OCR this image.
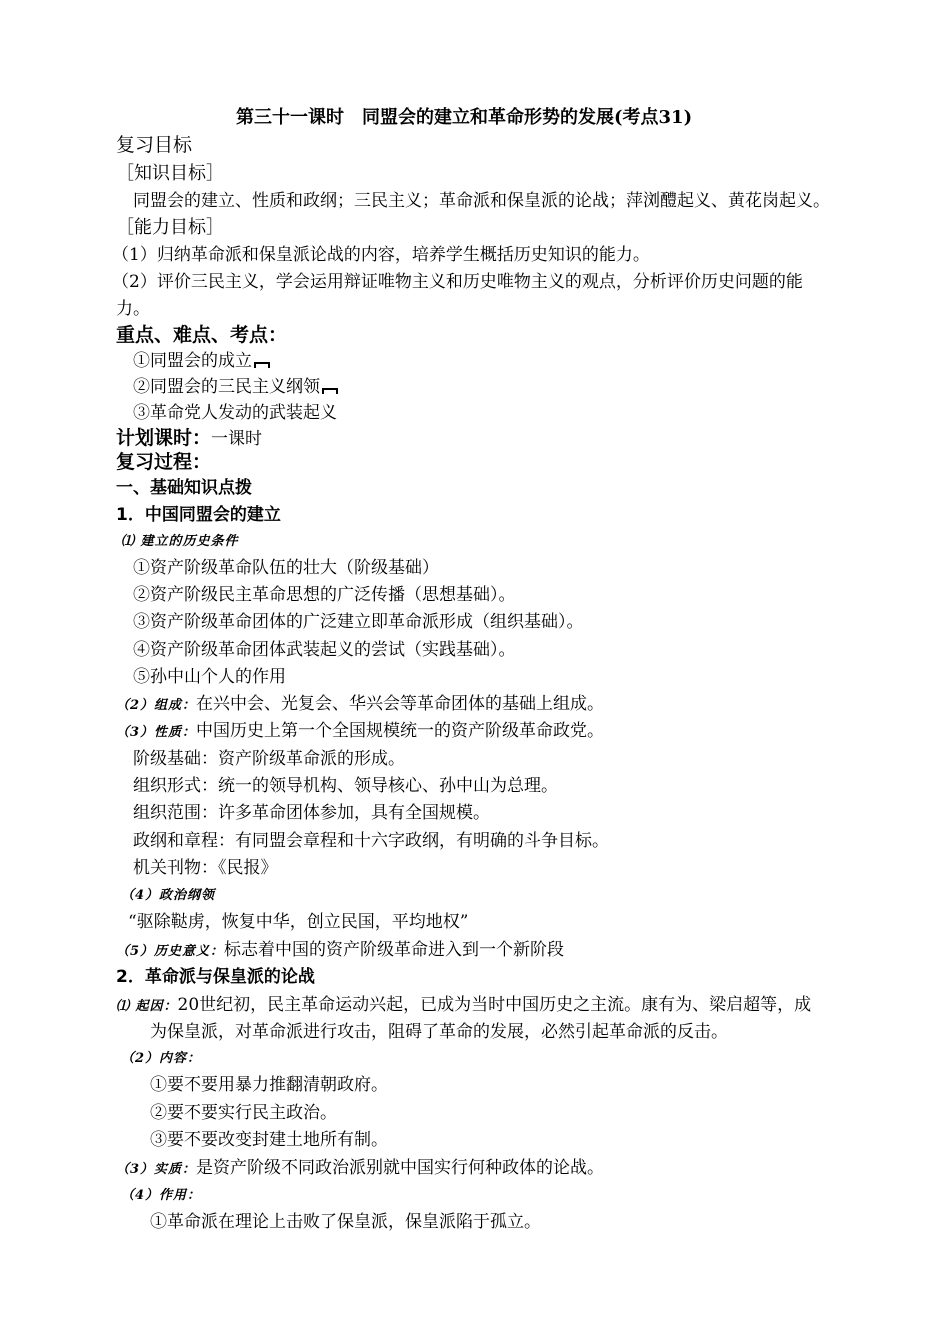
第三十一课时　同盟会的建立和革命形势的发展(考点31)
复习目标
［知识目标］
同盟会的建立、性质和政纲；三民主义；革命派和保皇派的论战；萍浏醴起义、黄花岗起义。
［能力目标］
（1）归纳革命派和保皇派论战的内容，培养学生概括历史知识的能力。
（2）评价三民主义，学会运用辩证唯物主义和历史唯物主义的观点，分析评价历史问题的能
力。
重点、难点、考点：
①同盟会的成立
②同盟会的三民主义纲领
③革命党人发动的武装起义
计划课时：一课时
复习过程：
一、基础知识点拨
1．中国同盟会的建立
⑴ 建立的历史条件
①资产阶级革命队伍的壮大（阶级基础）
②资产阶级民主革命思想的广泛传播（思想基础）。
③资产阶级革命团体的广泛建立即革命派形成（组织基础）。
④资产阶级革命团体武装起义的尝试（实践基础）。
⑤孙中山个人的作用
（2）组成：在兴中会、光复会、华兴会等革命团体的基础上组成。
（3）性质：中国历史上第一个全国规模统一的资产阶级革命政党。
阶级基础：资产阶级革命派的形成。
组织形式：统一的领导机构、领导核心、孙中山为总理。
组织范围：许多革命团体参加，具有全国规模。
政纲和章程：有同盟会章程和十六字政纲，有明确的斗争目标。
机关刊物：《民报》
（4）政治纲领
“驱除鞑虏，恢复中华，创立民国，平均地权”
（5）历史意义：标志着中国的资产阶级革命进入到一个新阶段
2．革命派与保皇派的论战
⑴ 起因：20世纪初，民主革命运动兴起，已成为当时中国历史之主流。康有为、梁启超等，成
为保皇派，对革命派进行攻击，阻碍了革命的发展，必然引起革命派的反击。
（2）内容：
①要不要用暴力推翻清朝政府。
②要不要实行民主政治。
③要不要改变封建土地所有制。
（3）实质：是资产阶级不同政治派别就中国实行何种政体的论战。
（4）作用：
①革命派在理论上击败了保皇派，保皇派陷于孤立。
